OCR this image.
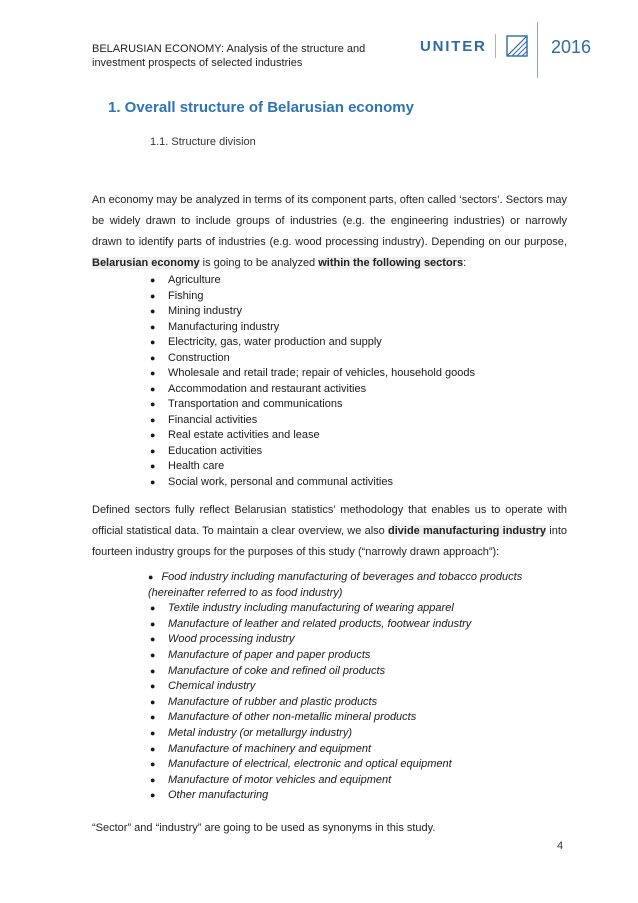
BELARUSIAN ECONOMY: Analysis of the structure and investment prospects of selected industries
UNITER	2016
1. Overall structure of Belarusian economy
1.1. Structure division
An economy may be analyzed in terms of its component parts, often called ‘sectors’. Sectors may be widely drawn to include groups of industries (e.g. the engineering industries) or narrowly drawn to identify parts of industries (e.g. wood processing industry). Depending on our purpose, Belarusian economy is going to be analyzed within the following sectors:
● Agriculture
● Fishing
● Mining industry
● Manufacturing industry
● Electricity, gas, water production and supply
● Construction
● Wholesale and retail trade; repair of vehicles, household goods
● Accommodation and restaurant activities
● Transportation and communications
● Financial activities
● Real estate activities and lease
● Education activities
● Health care
● Social work, personal and communal activities
Defined sectors fully reflect Belarusian statistics’ methodology that enables us to operate with official statistical data. To maintain a clear overview, we also divide manufacturing industry into fourteen industry groups for the purposes of this study (“narrowly drawn approach”):
● Food industry including manufacturing of beverages and tobacco products (hereinafter referred to as food industry)
● Textile industry including manufacturing of wearing apparel
● Manufacture of leather and related products, footwear industry
● Wood processing industry
● Manufacture of paper and paper products
● Manufacture of coke and refined oil products
● Chemical industry
● Manufacture of rubber and plastic products
● Manufacture of other non-metallic mineral products
● Metal industry (or metallurgy industry)
● Manufacture of machinery and equipment
● Manufacture of electrical, electronic and optical equipment
● Manufacture of motor vehicles and equipment
● Other manufacturing
“Sector” and “industry” are going to be used as synonyms in this study.
4
